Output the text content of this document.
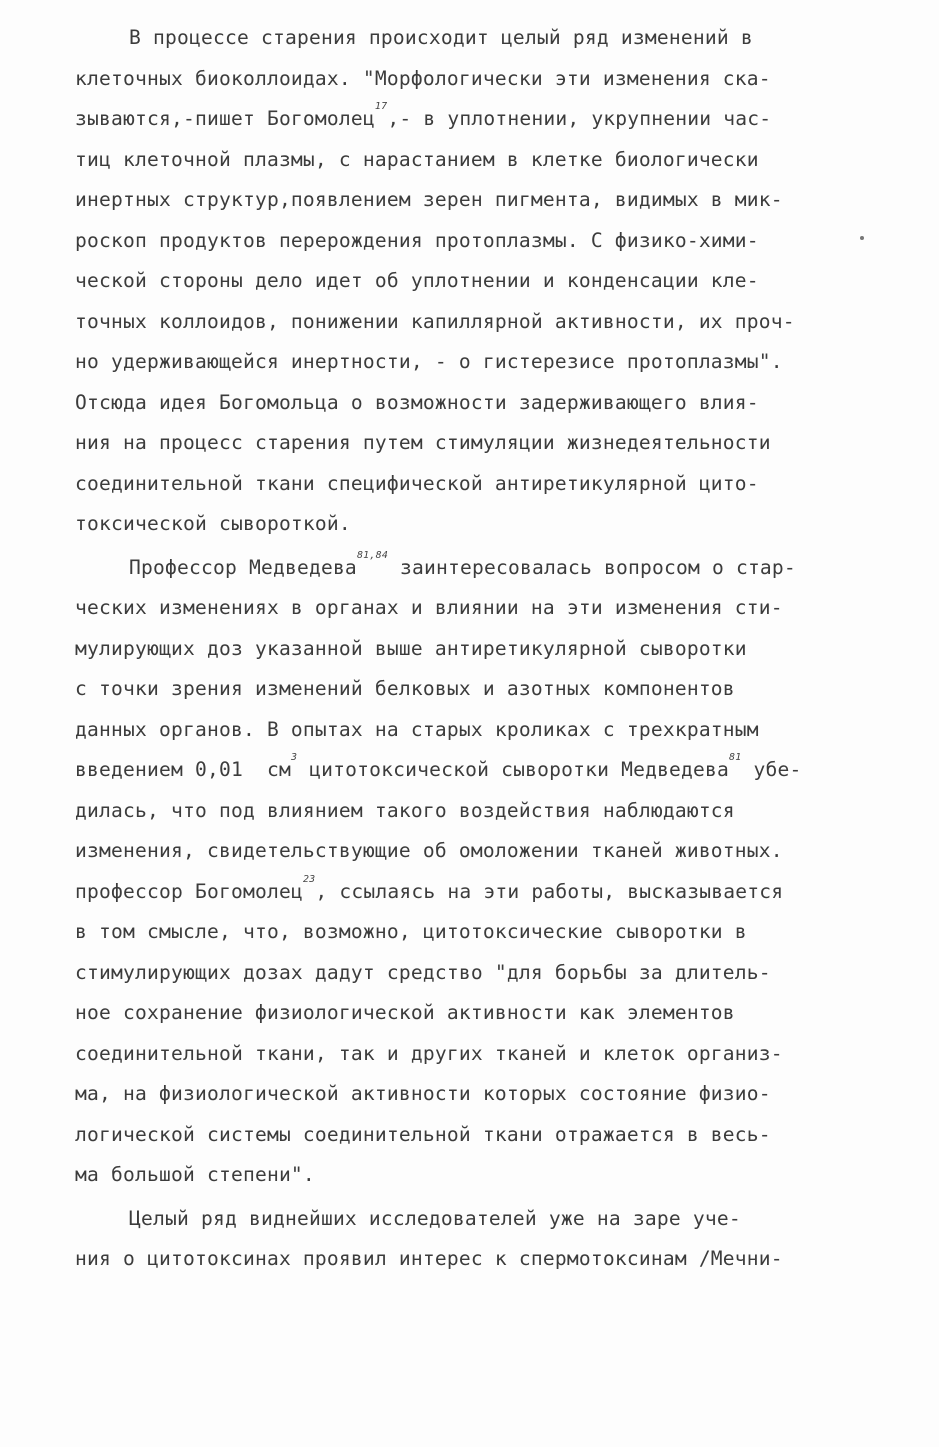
В процессе старения происходит целый ряд изменений в
клеточных биоколлоидах. "Морфологически эти изменения ска-
зываются,-пишет Богомолец$^{17}$,- в уплотнении, укрупнении час-
тиц клеточной плазмы, с нарастанием в клетке биологически
инертных структур,появлением зерен пигмента, видимых в мик-
роскоп продуктов перерождения протоплазмы. С физико-хими-
ческой стороны дело идет об уплотнении и конденсации кле-
точных коллоидов, понижении капиллярной активности, их проч-
но удерживающейся инертности, - о гистерезисе протоплазмы".
Отсюда идея Богомольца о возможности задерживающего влия-
ния на процесс старения путем стимуляции жизнедеятельности
соединительной ткани специфической антиретикулярной цито-
токсической сывороткой.
Профессор Медведева$^{81,84}$ заинтересовалась вопросом о стар-
ческих изменениях в органах и влиянии на эти изменения сти-
мулирующих доз указанной выше антиретикулярной сыворотки
с точки зрения изменений белковых и азотных компонентов
данных органов. В опытах на старых кроликах с трехкратным
введением 0,01  см$^3$ цитотоксической сыворотки Медведева$^{81}$ убе-
дилась, что под влиянием такого воздействия наблюдаются
изменения, свидетельствующие об омоложении тканей животных.
профессор Богомолец$^{23}$, ссылаясь на эти работы, высказывается
в том смысле, что, возможно, цитотоксические сыворотки в
стимулирующих дозах дадут средство "для борьбы за длитель-
ное сохранение физиологической активности как элементов
соединительной ткани, так и других тканей и клеток организ-
ма, на физиологической активности которых состояние физио-
логической системы соединительной ткани отражается в весь-
ма большой степени".
Целый ряд виднейших исследователей уже на заре уче-
ния о цитотоксинах проявил интерес к спермотоксинам /Мечни-
